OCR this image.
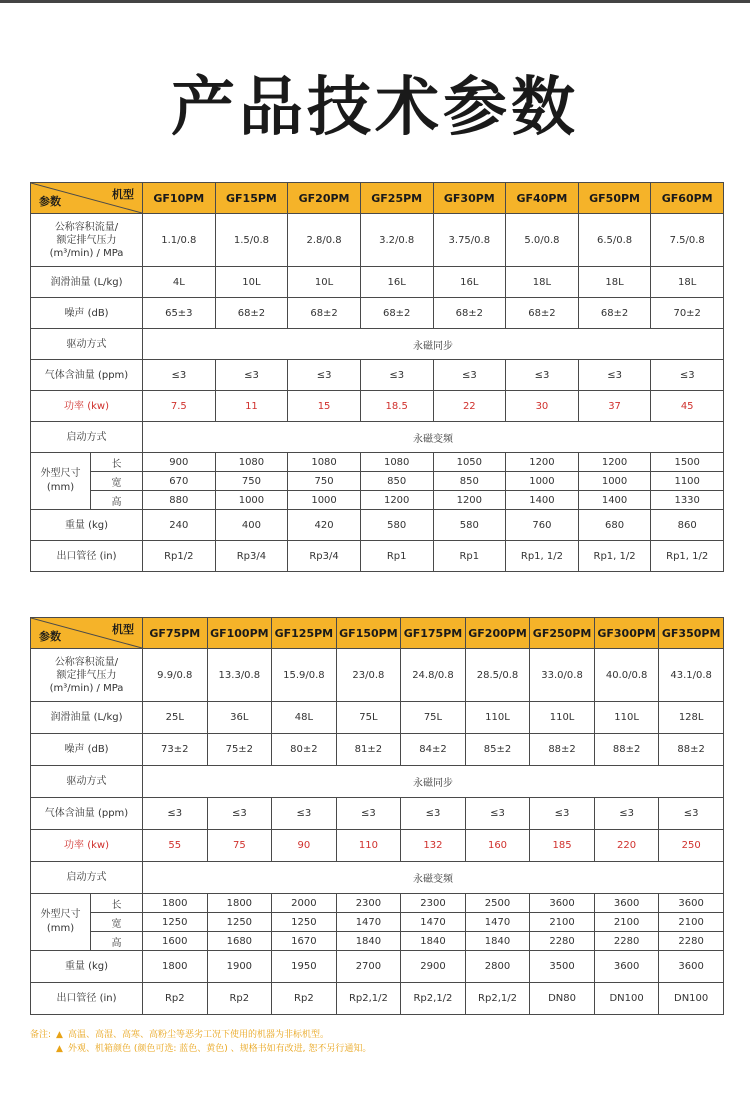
产品技术参数
机型
参数		GF10PM	GF15PM	GF20PM	GF25PM	GF30PM	GF40PM	GF50PM	GF60PM
公称容积流量/
额定排气压力
(m³/min) / MPa		1.1/0.8	1.5/0.8	2.8/0.8	3.2/0.8	3.75/0.8	5.0/0.8	6.5/0.8	7.5/0.8
润滑油量 (L/kg)		4L	10L	10L	16L	16L	18L	18L	18L
噪声 (dB)		65±3	68±2	68±2	68±2	68±2	68±2	68±2	70±2
驱动方式		永磁同步							
气体含油量 (ppm)		≤3	≤3	≤3	≤3	≤3	≤3	≤3	≤3
功率 (kw)		7.5	11	15	18.5	22	30	37	45
启动方式		永磁变频							
外型尺寸
(mm)	长	900	1080	1080	1080	1050	1200	1200	1500
	宽	670	750	750	850	850	1000	1000	1100
	高	880	1000	1000	1200	1200	1400	1400	1330
重量 (kg)		240	400	420	580	580	760	680	860
出口管径 (in)		Rp1/2	Rp3/4	Rp3/4	Rp1	Rp1	Rp1, 1/2	Rp1, 1/2	Rp1, 1/2
机型
参数		GF75PM	GF100PM	GF125PM	GF150PM	GF175PM	GF200PM	GF250PM	GF300PM	GF350PM
公称容积流量/
额定排气压力
(m³/min) / MPa		9.9/0.8	13.3/0.8	15.9/0.8	23/0.8	24.8/0.8	28.5/0.8	33.0/0.8	40.0/0.8	43.1/0.8
润滑油量 (L/kg)		25L	36L	48L	75L	75L	110L	110L	110L	128L
噪声 (dB)		73±2	75±2	80±2	81±2	84±2	85±2	88±2	88±2	88±2
驱动方式		永磁同步								
气体含油量 (ppm)		≤3	≤3	≤3	≤3	≤3	≤3	≤3	≤3	≤3
功率 (kw)		55	75	90	110	132	160	185	220	250
启动方式		永磁变频								
外型尺寸
(mm)	长	1800	1800	2000	2300	2300	2500	3600	3600	3600
	宽	1250	1250	1250	1470	1470	1470	2100	2100	2100
	高	1600	1680	1670	1840	1840	1840	2280	2280	2280
重量 (kg)		1800	1900	1950	2700	2900	2800	3500	3600	3600
出口管径 (in)		Rp2	Rp2	Rp2	Rp2,1/2	Rp2,1/2	Rp2,1/2	DN80	DN100	DN100
备注: ▲ 高温、高湿、高寒、高粉尘等恶劣工况下使用的机器为非标机型。
▲ 外观、机箱颜色 (颜色可选: 蓝色、黄色) 、规格书如有改进, 恕不另行通知。
